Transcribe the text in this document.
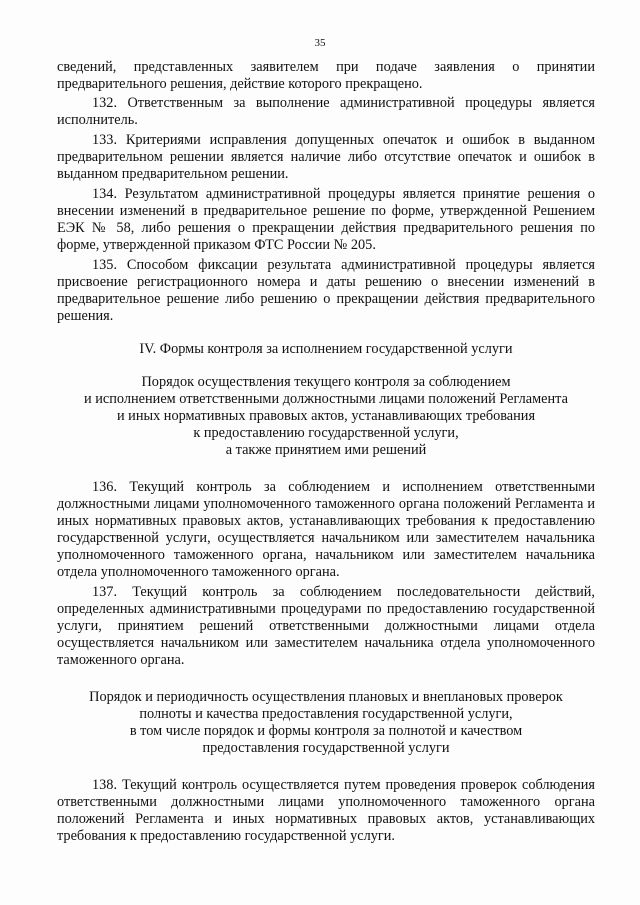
35

сведений, представленных заявителем при подаче заявления о принятии предварительного решения, действие которого прекращено.

132. Ответственным за выполнение административной процедуры является исполнитель.

133. Критериями исправления допущенных опечаток и ошибок в выданном предварительном решении является наличие либо отсутствие опечаток и ошибок в выданном предварительном решении.

134. Результатом административной процедуры является принятие решения о внесении изменений в предварительное решение по форме, утвержденной Решением ЕЭК № 58, либо решения о прекращении действия предварительного решения по форме, утвержденной приказом ФТС России № 205.

135. Способом фиксации результата административной процедуры является присвоение регистрационного номера и даты решению о внесении изменений в предварительное решение либо решению о прекращении действия предварительного решения.

IV. Формы контроля за исполнением государственной услуги
Порядок осуществления текущего контроля за соблюдением
и исполнением ответственными должностными лицами положений Регламента
и иных нормативных правовых актов, устанавливающих требования
к предоставлению государственной услуги,
а также принятием ими решений

136. Текущий контроль за соблюдением и исполнением ответственными должностными лицами уполномоченного таможенного органа положений Регламента и иных нормативных правовых актов, устанавливающих требования к предоставлению государственной услуги, осуществляется начальником или заместителем начальника уполномоченного таможенного органа, начальником или заместителем начальника отдела уполномоченного таможенного органа.

137. Текущий контроль за соблюдением последовательности действий, определенных административными процедурами по предоставлению государственной услуги, принятием решений ответственными должностными лицами отдела осуществляется начальником или заместителем начальника отдела уполномоченного таможенного органа.

Порядок и периодичность осуществления плановых и внеплановых проверок
полноты и качества предоставления государственной услуги,
в том числе порядок и формы контроля за полнотой и качеством
предоставления государственной услуги

138. Текущий контроль осуществляется путем проведения проверок соблюдения ответственными должностными лицами уполномоченного таможенного органа положений Регламента и иных нормативных правовых актов, устанавливающих требования к предоставлению государственной услуги.
